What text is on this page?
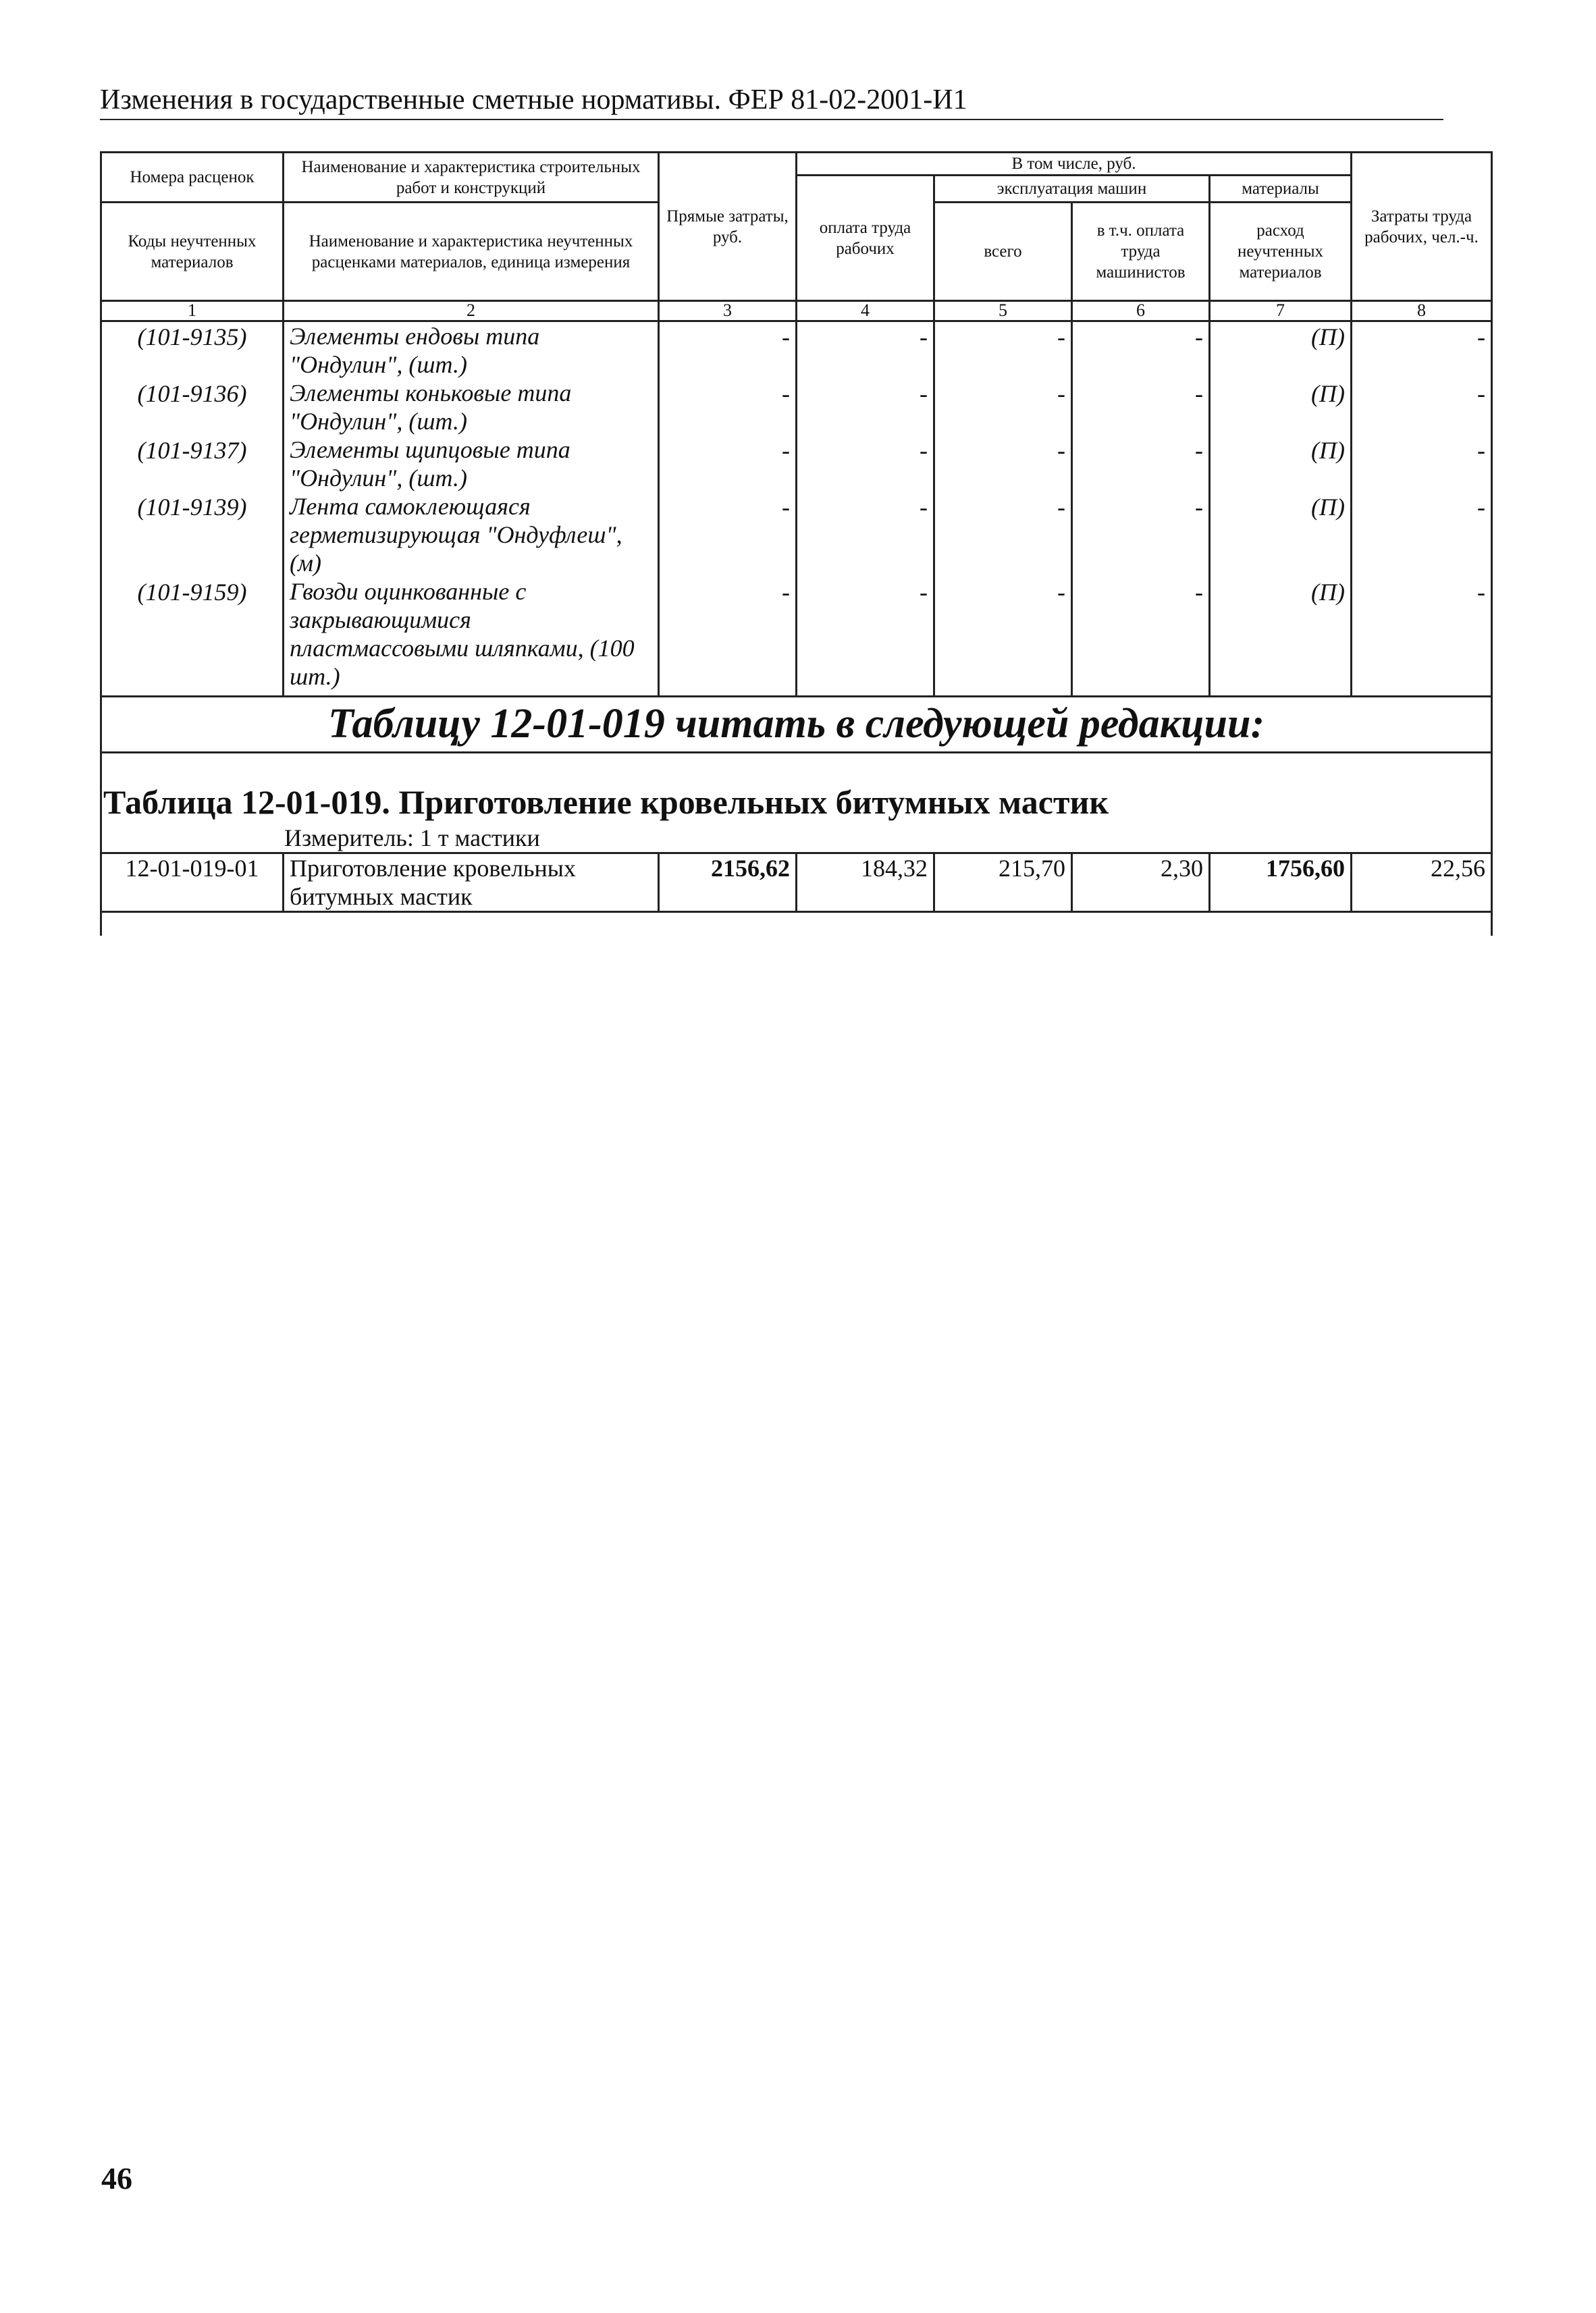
Изменения в государственные сметные нормативы. ФЕР 81-02-2001-И1
Номера расценок	Наименование и характеристика строительных работ и конструкций	Прямые затраты, руб.	В том числе, руб.				Затраты труда рабочих, чел.-ч.
			оплата труда рабочих	эксплуатация машин		материалы	
Коды неучтенных материалов	Наименование и характеристика неучтенных расценками материалов, единица измерения			всего	в т.ч. оплата труда машинистов	расход неучтенных материалов	

1	2	3	4	5	6	7	8
(101-9135)	Элементы ендовы типа "Ондулин", (шт.)	-	-	-	-	(П)	-
(101-9136)	Элементы коньковые типа "Ондулин", (шт.)	-	-	-	-	(П)	-
(101-9137)	Элементы щипцовые типа "Ондулин", (шт.)	-	-	-	-	(П)	-
(101-9139)	Лента самоклеющаяся герметизирующая "Ондуфлеш", (м)	-	-	-	-	(П)	-
(101-9159)	Гвозди оцинкованные с закрывающимися пластмассовыми шляпками, (100 шт.)	-	-	-	-	(П)	-
Таблицу 12-01-019 читать в следующей редакции:							

Таблица 12-01-019. Приготовление кровельных битумных мастик
Измеритель: 1 т мастики							

12-01-019-01	Приготовление кровельных битумных мастик	2156,62	184,32	215,70	2,30	1756,60	22,56

46
